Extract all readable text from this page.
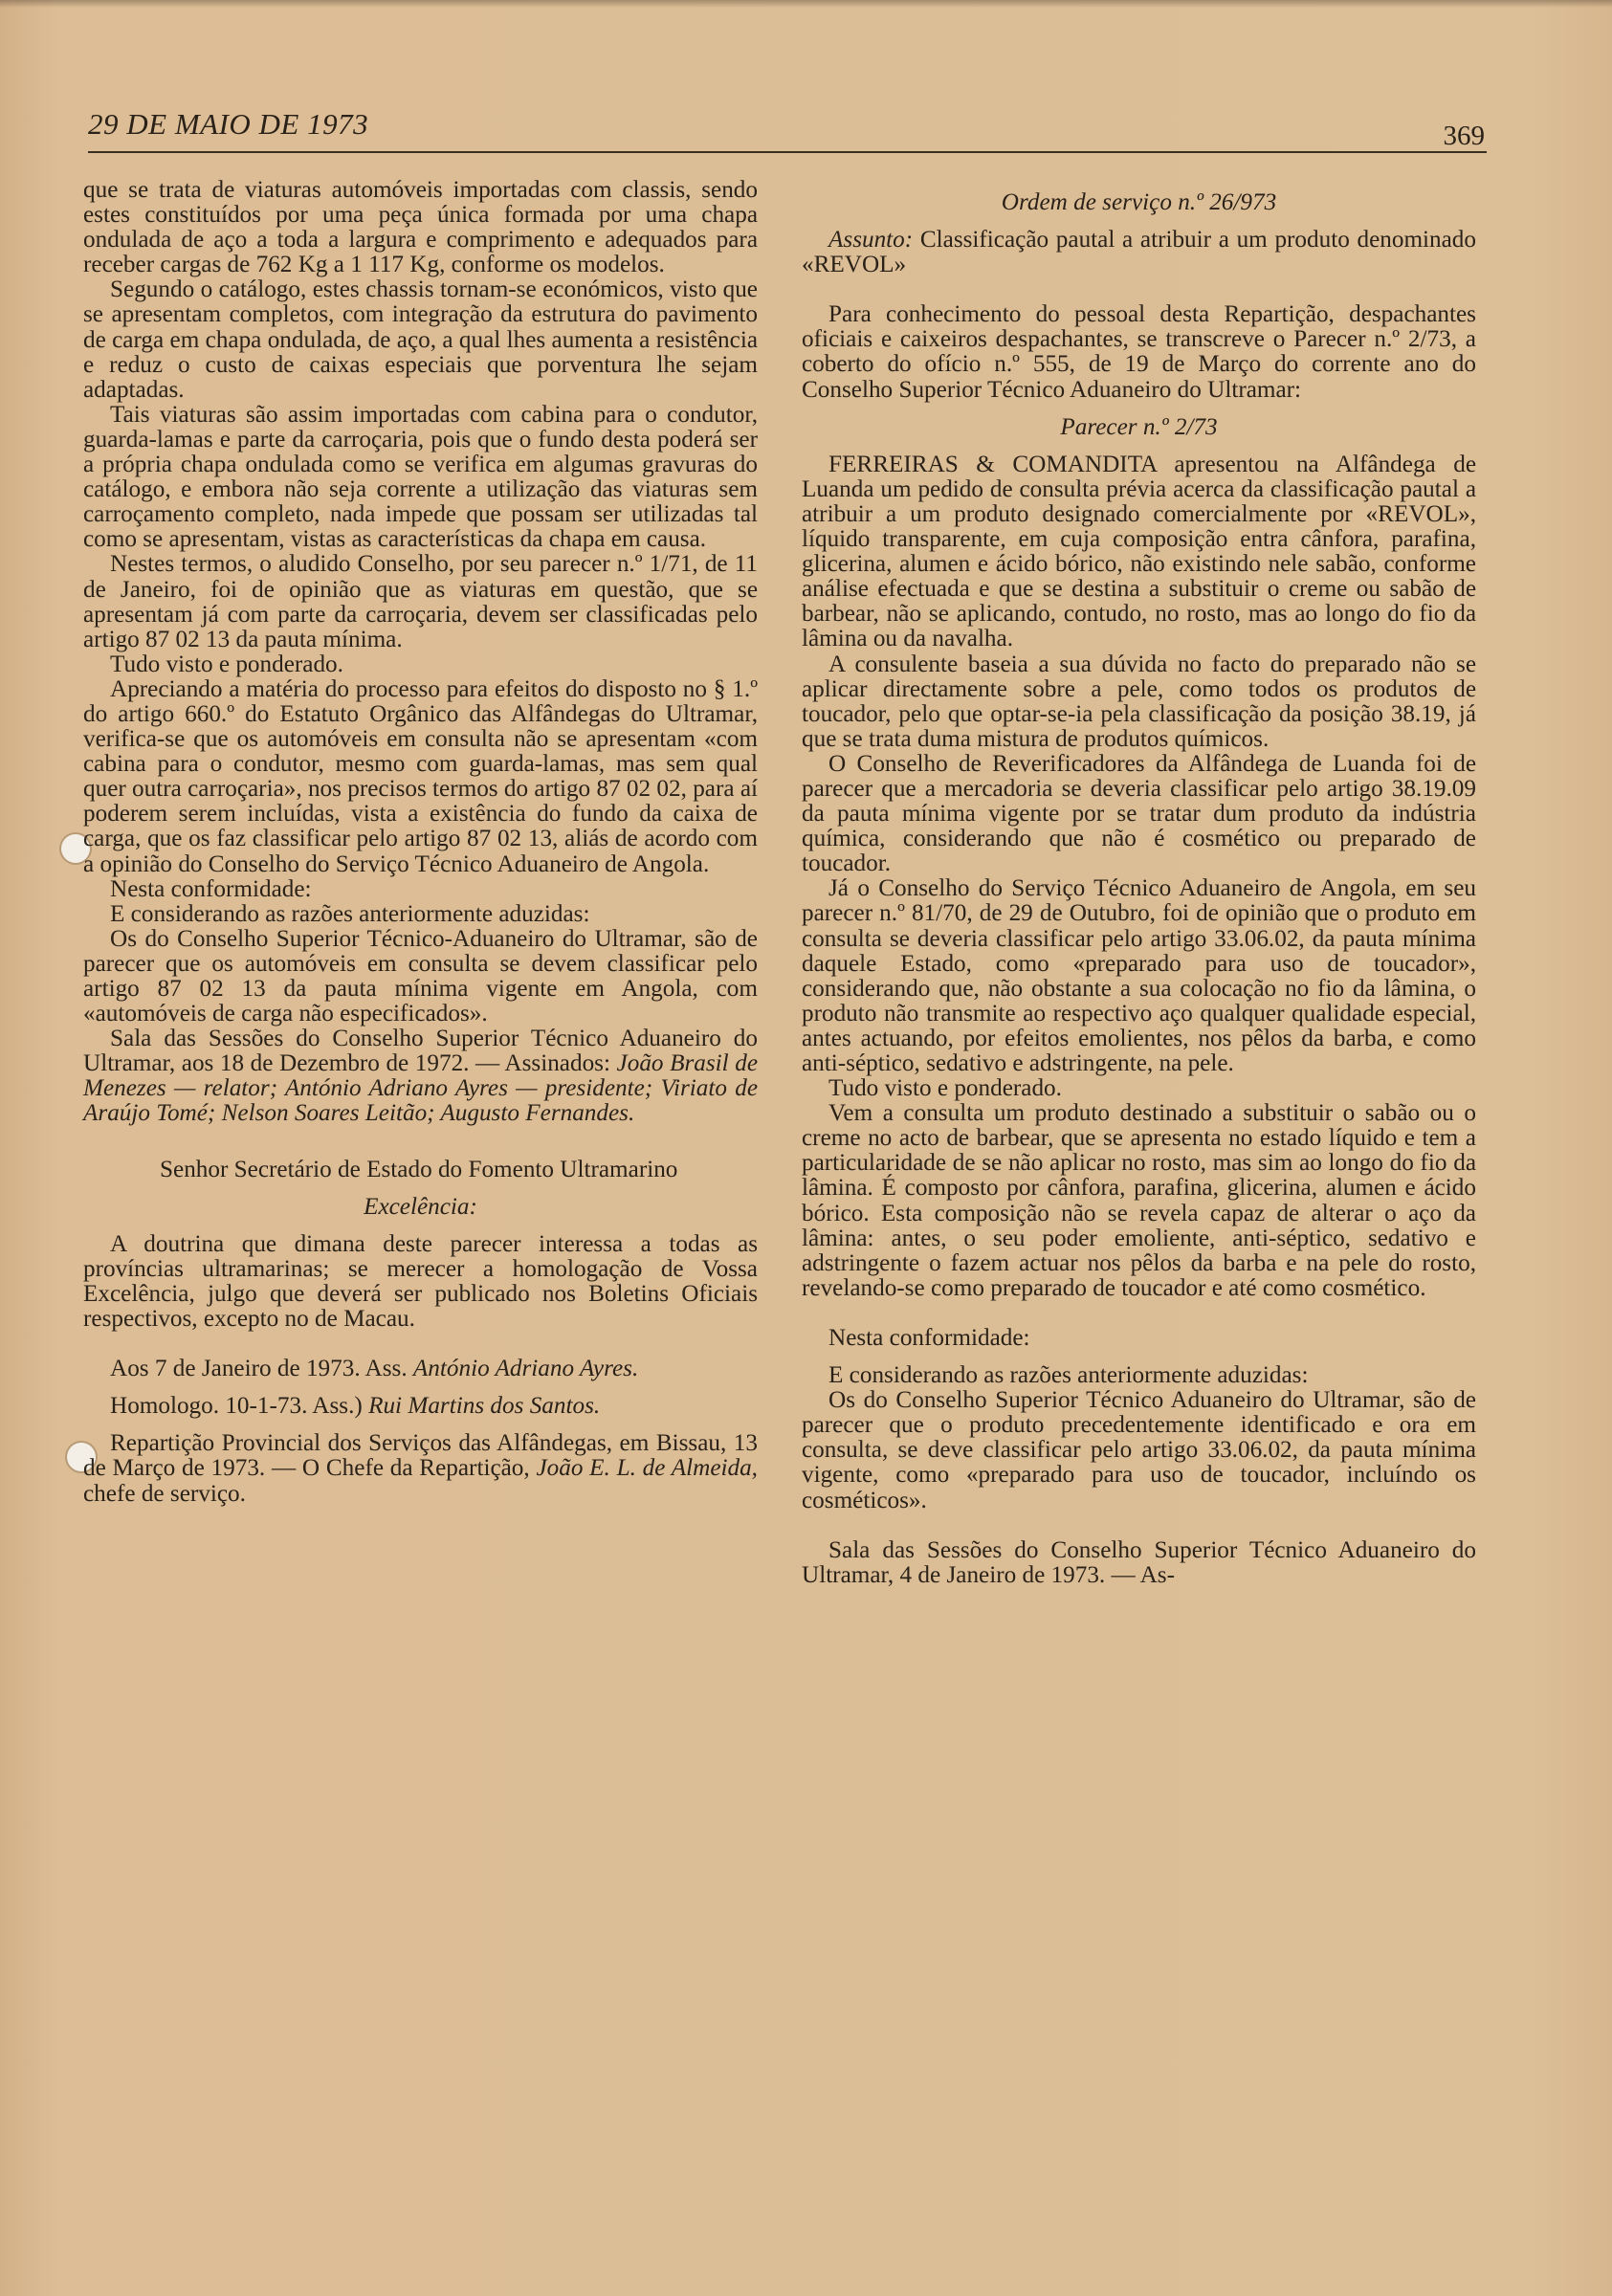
29 DE MAIO DE 1973	369

que se trata de viaturas automóveis importadas com classis, sendo estes constituídos por uma peça única formada por uma chapa ondulada de aço a toda a largura e comprimento e adequados para receber cargas de 762 Kg a 1 117 Kg, conforme os modelos.

Segundo o catálogo, estes chassis tornam-se económicos, visto que se apresentam completos, com integração da estrutura do pavimento de carga em chapa ondulada, de aço, a qual lhes aumenta a resistência e reduz o custo de caixas especiais que porventura lhe sejam adaptadas.

Tais viaturas são assim importadas com cabina para o condutor, guarda-lamas e parte da carroçaria, pois que o fundo desta poderá ser a própria chapa ondulada como se verifica em algumas gravuras do catálogo, e embora não seja corrente a utilização das viaturas sem carroçamento completo, nada impede que possam ser utilizadas tal como se apresentam, vistas as características da chapa em causa.

Nestes termos, o aludido Conselho, por seu parecer n.º 1/71, de 11 de Janeiro, foi de opinião que as viaturas em questão, que se apresentam já com parte da carroçaria, devem ser classificadas pelo artigo 87 02 13 da pauta mínima.

Tudo visto e ponderado.

Apreciando a matéria do processo para efeitos do disposto no § 1.º do artigo 660.º do Estatuto Orgânico das Alfândegas do Ultramar, verifica-se que os automóveis em consulta não se apresentam «com cabina para o condutor, mesmo com guarda-lamas, mas sem qual quer outra carroçaria», nos precisos termos do artigo 87 02 02, para aí poderem serem incluídas, vista a existência do fundo da caixa de carga, que os faz classificar pelo artigo 87 02 13, aliás de acordo com a opinião do Conselho do Serviço Técnico Aduaneiro de Angola.

Nesta conformidade:

E considerando as razões anteriormente aduzidas:

Os do Conselho Superior Técnico-Aduaneiro do Ultramar, são de parecer que os automóveis em consulta se devem classificar pelo artigo 87 02 13 da pauta mínima vigente em Angola, com «automóveis de carga não especificados».

Sala das Sessões do Conselho Superior Técnico Aduaneiro do Ultramar, aos 18 de Dezembro de 1972. — Assinados: João Brasil de Menezes — relator; António Adriano Ayres — presidente; Viriato de Araújo Tomé; Nelson Soares Leitão; Augusto Fernandes.

Senhor Secretário de Estado do Fomento Ultramarino

Excelência:

A doutrina que dimana deste parecer interessa a todas as províncias ultramarinas; se merecer a homologação de Vossa Excelência, julgo que deverá ser publicado nos Boletins Oficiais respectivos, excepto no de Macau.

Aos 7 de Janeiro de 1973. Ass. António Adriano Ayres.

Homologo. 10-1-73. Ass.) Rui Martins dos Santos.

Repartição Provincial dos Serviços das Alfândegas, em Bissau, 13 de Março de 1973. — O Chefe da Repartição, João E. L. de Almeida, chefe de serviço.

Ordem de serviço n.º 26/973

Assunto: Classificação pautal a atribuir a um produto denominado «REVOL»

Para conhecimento do pessoal desta Repartição, despachantes oficiais e caixeiros despachantes, se transcreve o Parecer n.º 2/73, a coberto do ofício n.º 555, de 19 de Março do corrente ano do Conselho Superior Técnico Aduaneiro do Ultramar:

Parecer n.º 2/73

FERREIRAS & COMANDITA apresentou na Alfândega de Luanda um pedido de consulta prévia acerca da classificação pautal a atribuir a um produto designado comercialmente por «REVOL», líquido transparente, em cuja composição entra cânfora, parafina, glicerina, alumen e ácido bórico, não existindo nele sabão, conforme análise efectuada e que se destina a substituir o creme ou sabão de barbear, não se aplicando, contudo, no rosto, mas ao longo do fio da lâmina ou da navalha.

A consulente baseia a sua dúvida no facto do preparado não se aplicar directamente sobre a pele, como todos os produtos de toucador, pelo que optar-se-ia pela classificação da posição 38.19, já que se trata duma mistura de produtos químicos.

O Conselho de Reverificadores da Alfândega de Luanda foi de parecer que a mercadoria se deveria classificar pelo artigo 38.19.09 da pauta mínima vigente por se tratar dum produto da indústria química, considerando que não é cosmético ou preparado de toucador.

Já o Conselho do Serviço Técnico Aduaneiro de Angola, em seu parecer n.º 81/70, de 29 de Outubro, foi de opinião que o produto em consulta se deveria classificar pelo artigo 33.06.02, da pauta mínima daquele Estado, como «preparado para uso de toucador», considerando que, não obstante a sua colocação no fio da lâmina, o produto não transmite ao respectivo aço qualquer qualidade especial, antes actuando, por efeitos emolientes, nos pêlos da barba, e como anti-séptico, sedativo e adstringente, na pele.

Tudo visto e ponderado.

Vem a consulta um produto destinado a substituir o sabão ou o creme no acto de barbear, que se apresenta no estado líquido e tem a particularidade de se não aplicar no rosto, mas sim ao longo do fio da lâmina. É composto por cânfora, parafina, glicerina, alumen e ácido bórico. Esta composição não se revela capaz de alterar o aço da lâmina: antes, o seu poder emoliente, anti-séptico, sedativo e adstringente o fazem actuar nos pêlos da barba e na pele do rosto, revelando-se como preparado de toucador e até como cosmético.

Nesta conformidade:

E considerando as razões anteriormente aduzidas:

Os do Conselho Superior Técnico Aduaneiro do Ultramar, são de parecer que o produto precedentemente identificado e ora em consulta, se deve classificar pelo artigo 33.06.02, da pauta mínima vigente, como «preparado para uso de toucador, incluíndo os cosméticos».

Sala das Sessões do Conselho Superior Técnico Aduaneiro do Ultramar, 4 de Janeiro de 1973. — As-
